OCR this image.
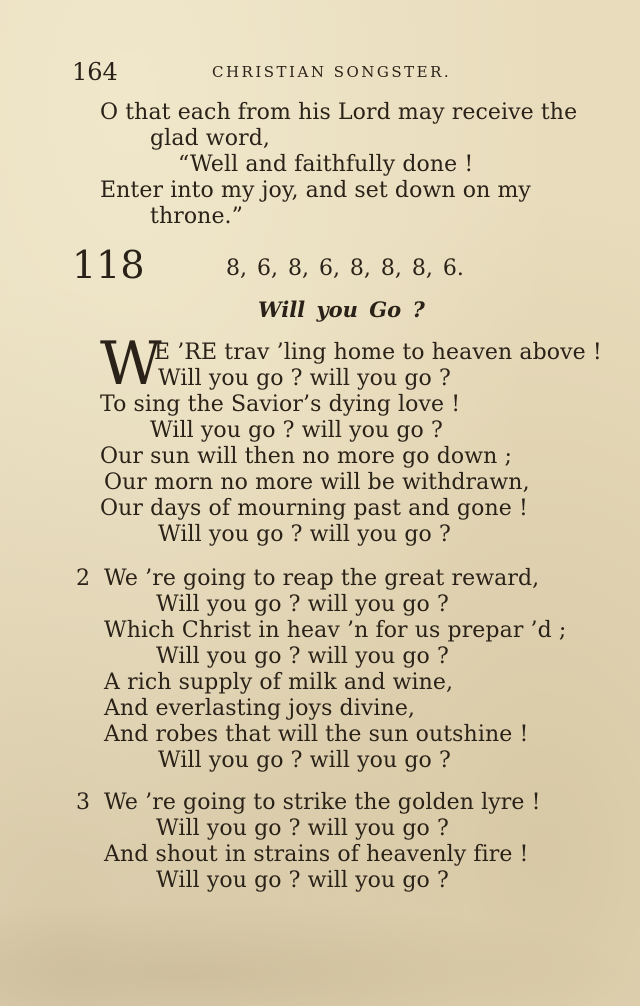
164	CHRISTIAN SONGSTER.
O that each from his Lord may receive the
glad word,
“Well and faithfully done !
Enter into my joy, and set down on my
throne.”
118	8, 6, 8, 6, 8, 8, 8, 6.
Will you Go ?
W
E ’RE trav ’ling home to heaven above !
Will you go ? will you go ?
To sing the Savior’s dying love !
Will you go ? will you go ?
Our sun will then no more go down ;
Our morn no more will be withdrawn,
Our days of mourning past and gone !
Will you go ? will you go ?
2 We ’re going to reap the great reward,
Will you go ? will you go ?
Which Christ in heav ’n for us prepar ’d ;
Will you go ? will you go ?
A rich supply of milk and wine,
And everlasting joys divine,
And robes that will the sun outshine !
Will you go ? will you go ?
3 We ’re going to strike the golden lyre !
Will you go ? will you go ?
And shout in strains of heavenly fire !
Will you go ? will you go ?
